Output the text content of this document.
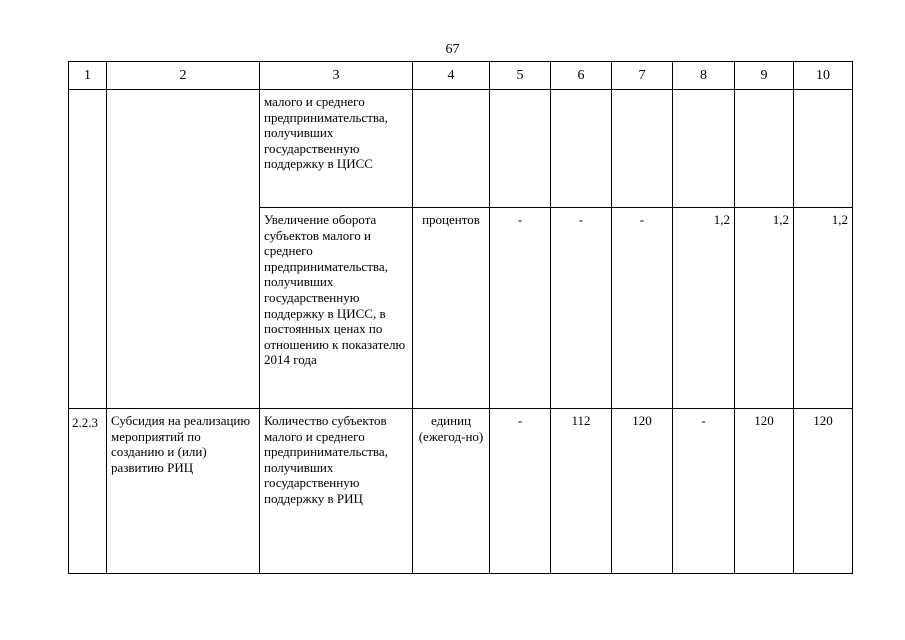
67
1	2	3	4	5	6	7	8	9	10

		малого и среднего предпринимательства, получивших государственную поддержку в ЦИСС							

		Увеличение оборота субъектов малого и среднего предпринимательства, получивших государственную поддержку в ЦИСС, в постоянных ценах по отношению к показателю 2014 года	процентов	-	-	-	1,2	1,2	1,2

2.2.3	Субсидия на реализацию мероприятий по созданию и (или) развитию РИЦ	Количество субъектов малого и среднего предпринимательства, получивших государственную поддержку в РИЦ	единиц (ежегод-но)	-	112	120	-	120	120
